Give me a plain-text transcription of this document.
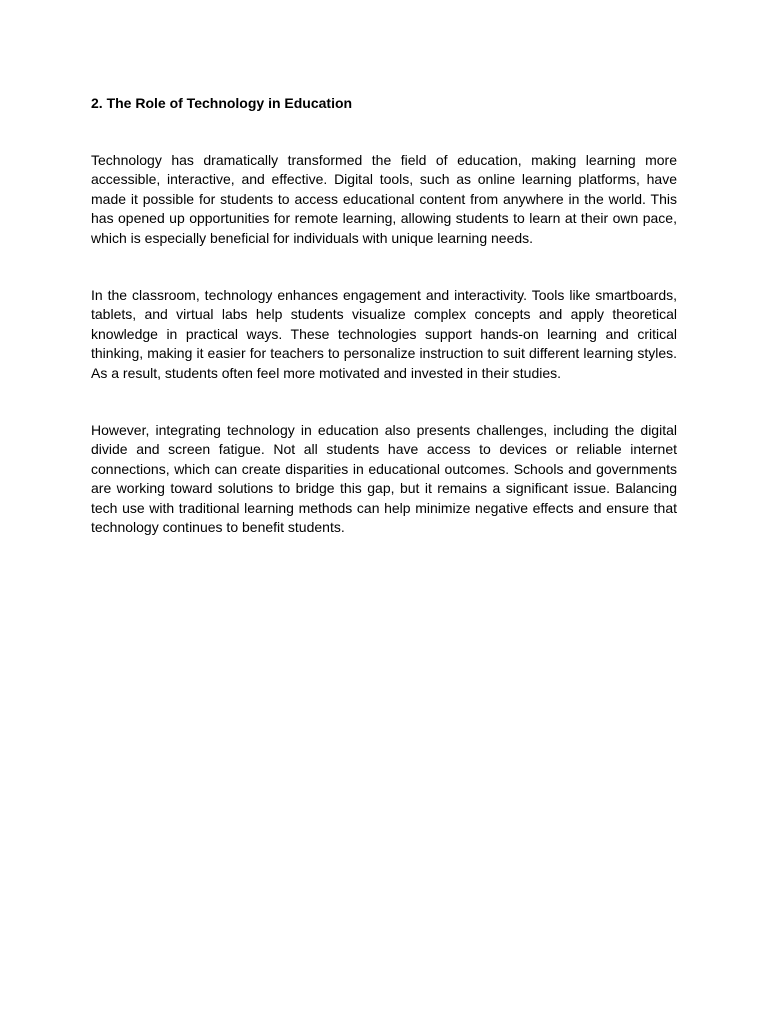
2. The Role of Technology in Education

Technology has dramatically transformed the field of education, making learning more accessible, interactive, and effective. Digital tools, such as online learning platforms, have made it possible for students to access educational content from anywhere in the world. This has opened up opportunities for remote learning, allowing students to learn at their own pace, which is especially beneficial for individuals with unique learning needs.

In the classroom, technology enhances engagement and interactivity. Tools like smartboards, tablets, and virtual labs help students visualize complex concepts and apply theoretical knowledge in practical ways. These technologies support hands-on learning and critical thinking, making it easier for teachers to personalize instruction to suit different learning styles. As a result, students often feel more motivated and invested in their studies.

However, integrating technology in education also presents challenges, including the digital divide and screen fatigue. Not all students have access to devices or reliable internet connections, which can create disparities in educational outcomes. Schools and governments are working toward solutions to bridge this gap, but it remains a significant issue. Balancing tech use with traditional learning methods can help minimize negative effects and ensure that technology continues to benefit students.
